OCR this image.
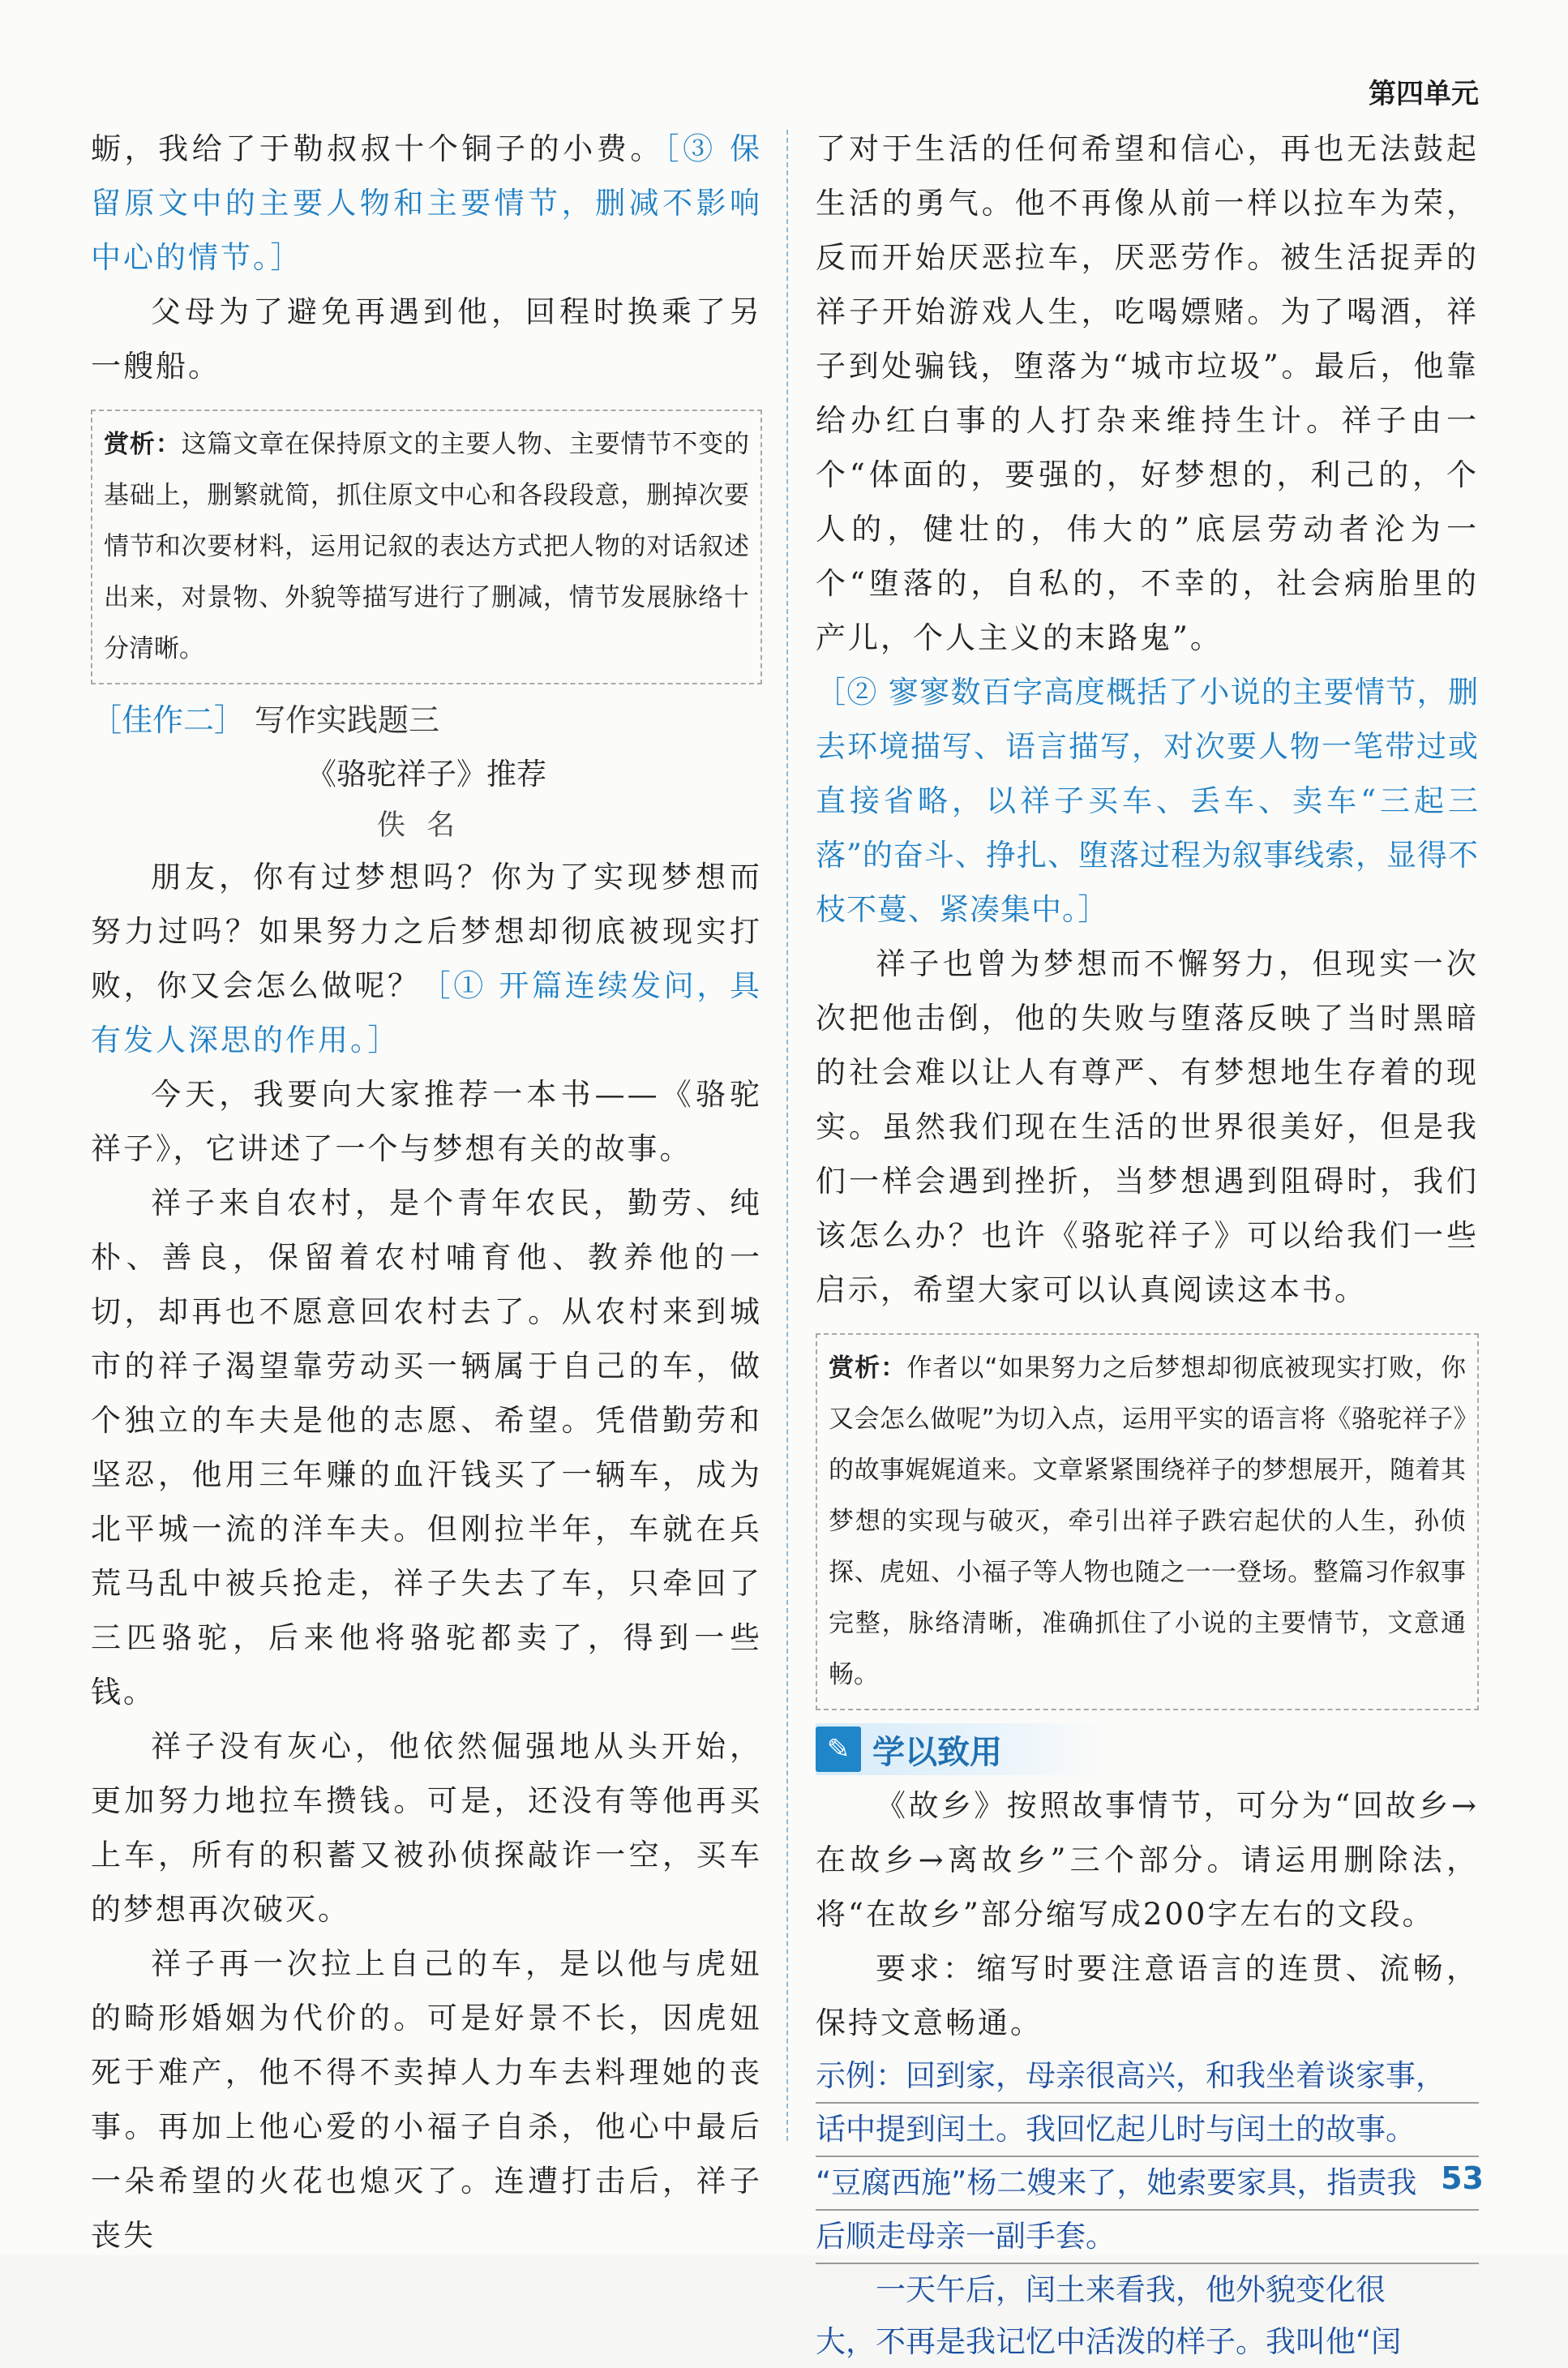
第四单元

蛎，我给了于勒叔叔十个铜子的小费。［③ 保留原文中的主要人物和主要情节，删减不影响中心的情节。］

父母为了避免再遇到他，回程时换乘了另一艘船。

赏析：这篇文章在保持原文的主要人物、主要情节不变的基础上，删繁就简，抓住原文中心和各段段意，删掉次要情节和次要材料，运用记叙的表达方式把人物的对话叙述出来，对景物、外貌等描写进行了删减，情节发展脉络十分清晰。
［佳作二］ 写作实践题三
《骆驼祥子》推荐
佚名

朋友，你有过梦想吗？你为了实现梦想而努力过吗？如果努力之后梦想却彻底被现实打败，你又会怎么做呢？［① 开篇连续发问，具有发人深思的作用。］

今天，我要向大家推荐一本书——《骆驼祥子》，它讲述了一个与梦想有关的故事。

祥子来自农村，是个青年农民，勤劳、纯朴、善良，保留着农村哺育他、教养他的一切，却再也不愿意回农村去了。从农村来到城市的祥子渴望靠劳动买一辆属于自己的车，做个独立的车夫是他的志愿、希望。凭借勤劳和坚忍，他用三年赚的血汗钱买了一辆车，成为北平城一流的洋车夫。但刚拉半年，车就在兵荒马乱中被兵抢走，祥子失去了车，只牵回了三匹骆驼，后来他将骆驼都卖了，得到一些钱。

祥子没有灰心，他依然倔强地从头开始，更加努力地拉车攒钱。可是，还没有等他再买上车，所有的积蓄又被孙侦探敲诈一空，买车的梦想再次破灭。

祥子再一次拉上自己的车，是以他与虎妞的畸形婚姻为代价的。可是好景不长，因虎妞死于难产，他不得不卖掉人力车去料理她的丧事。再加上他心爱的小福子自杀，他心中最后一朵希望的火花也熄灭了。连遭打击后，祥子丧失

了对于生活的任何希望和信心，再也无法鼓起生活的勇气。他不再像从前一样以拉车为荣，反而开始厌恶拉车，厌恶劳作。被生活捉弄的祥子开始游戏人生，吃喝嫖赌。为了喝酒，祥子到处骗钱，堕落为“城市垃圾”。最后，他靠给办红白事的人打杂来维持生计。祥子由一个“体面的，要强的，好梦想的，利己的，个人的，健壮的，伟大的”底层劳动者沦为一个“堕落的，自私的，不幸的，社会病胎里的产儿，个人主义的末路鬼”。

［② 寥寥数百字高度概括了小说的主要情节，删去环境描写、语言描写，对次要人物一笔带过或直接省略，以祥子买车、丢车、卖车“三起三落”的奋斗、挣扎、堕落过程为叙事线索，显得不枝不蔓、紧凑集中。］

祥子也曾为梦想而不懈努力，但现实一次次把他击倒，他的失败与堕落反映了当时黑暗的社会难以让人有尊严、有梦想地生存着的现实。虽然我们现在生活的世界很美好，但是我们一样会遇到挫折，当梦想遇到阻碍时，我们该怎么办？也许《骆驼祥子》可以给我们一些启示，希望大家可以认真阅读这本书。

赏析：作者以“如果努力之后梦想却彻底被现实打败，你又会怎么做呢”为切入点，运用平实的语言将《骆驼祥子》的故事娓娓道来。文章紧紧围绕祥子的梦想展开，随着其梦想的实现与破灭，牵引出祥子跌宕起伏的人生，孙侦探、虎妞、小福子等人物也随之一一登场。整篇习作叙事完整，脉络清晰，准确抓住了小说的主要情节，文意通畅。
✎ 学以致用

《故乡》按照故事情节，可分为“回故乡→在故乡→离故乡”三个部分。请运用删除法，将“在故乡”部分缩写成200字左右的文段。

要求：缩写时要注意语言的连贯、流畅，保持文意畅通。

示例：回到家，母亲很高兴，和我坐着谈家事，
话中提到闰土。我回忆起儿时与闰土的故事。
“豆腐西施”杨二嫂来了，她索要家具，指责我
后顺走母亲一副手套。
一天午后，闰土来看我，他外貌变化很
大，不再是我记忆中活泼的样子。我叫他“闰
53
